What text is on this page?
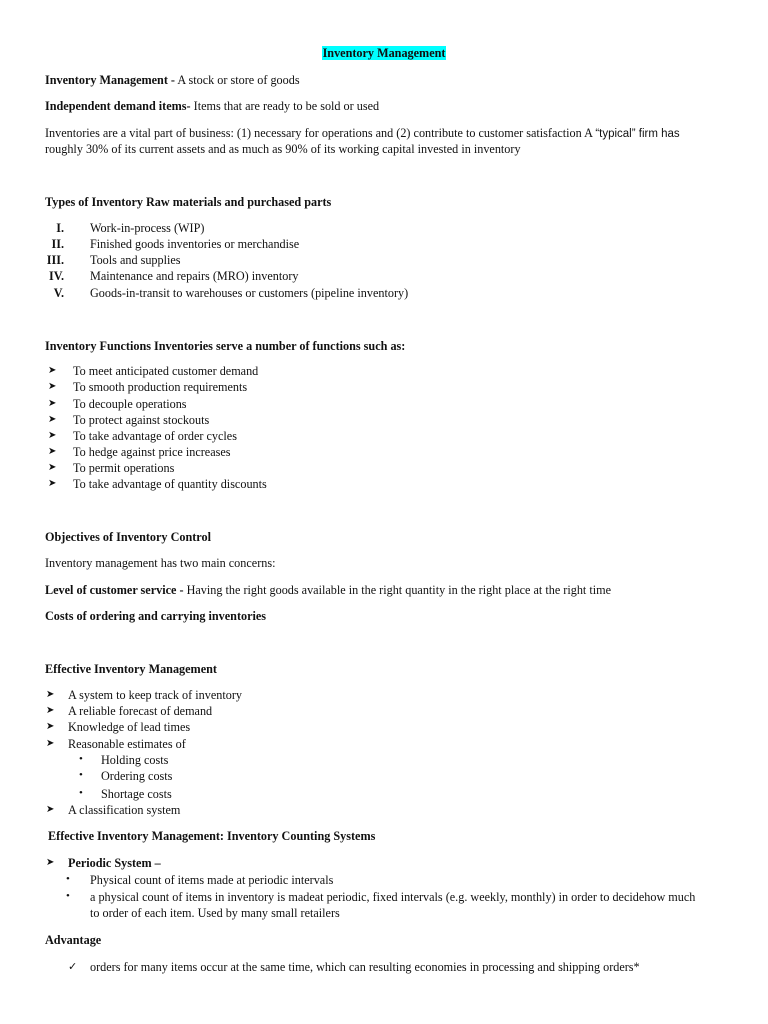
Inventory Management
Inventory Management - A stock or store of goods
Independent demand items- Items that are ready to be sold or used
Inventories are a vital part of business: (1) necessary for operations and (2) contribute to customer satisfaction A “typical” firm has
roughly 30% of its current assets and as much as 90% of its working capital invested in inventory
Types of Inventory Raw materials and purchased parts
I. Work-in-process (WIP)
II. Finished goods inventories or merchandise
III. Tools and supplies
IV. Maintenance and repairs (MRO) inventory
V. Goods-in-transit to warehouses or customers (pipeline inventory)
Inventory Functions Inventories serve a number of functions such as:
➤ To meet anticipated customer demand
➤ To smooth production requirements
➤ To decouple operations
➤ To protect against stockouts
➤ To take advantage of order cycles
➤ To hedge against price increases
➤ To permit operations
➤ To take advantage of quantity discounts
Objectives of Inventory Control
Inventory management has two main concerns:
Level of customer service - Having the right goods available in the right quantity in the right place at the right time
Costs of ordering and carrying inventories
Effective Inventory Management
➤ A system to keep track of inventory
➤ A reliable forecast of demand
➤ Knowledge of lead times
➤ Reasonable estimates of
• Holding costs
• Ordering costs
• Shortage costs
➤ A classification system
Effective Inventory Management: Inventory Counting Systems
➤ Periodic System –
• Physical count of items made at periodic intervals
• a physical count of items in inventory is madeat periodic, fixed intervals (e.g. weekly, monthly) in order to decidehow much
to order of each item. Used by many small retailers
Advantage
✓ orders for many items occur at the same time, which can resulting economies in processing and shipping orders*
